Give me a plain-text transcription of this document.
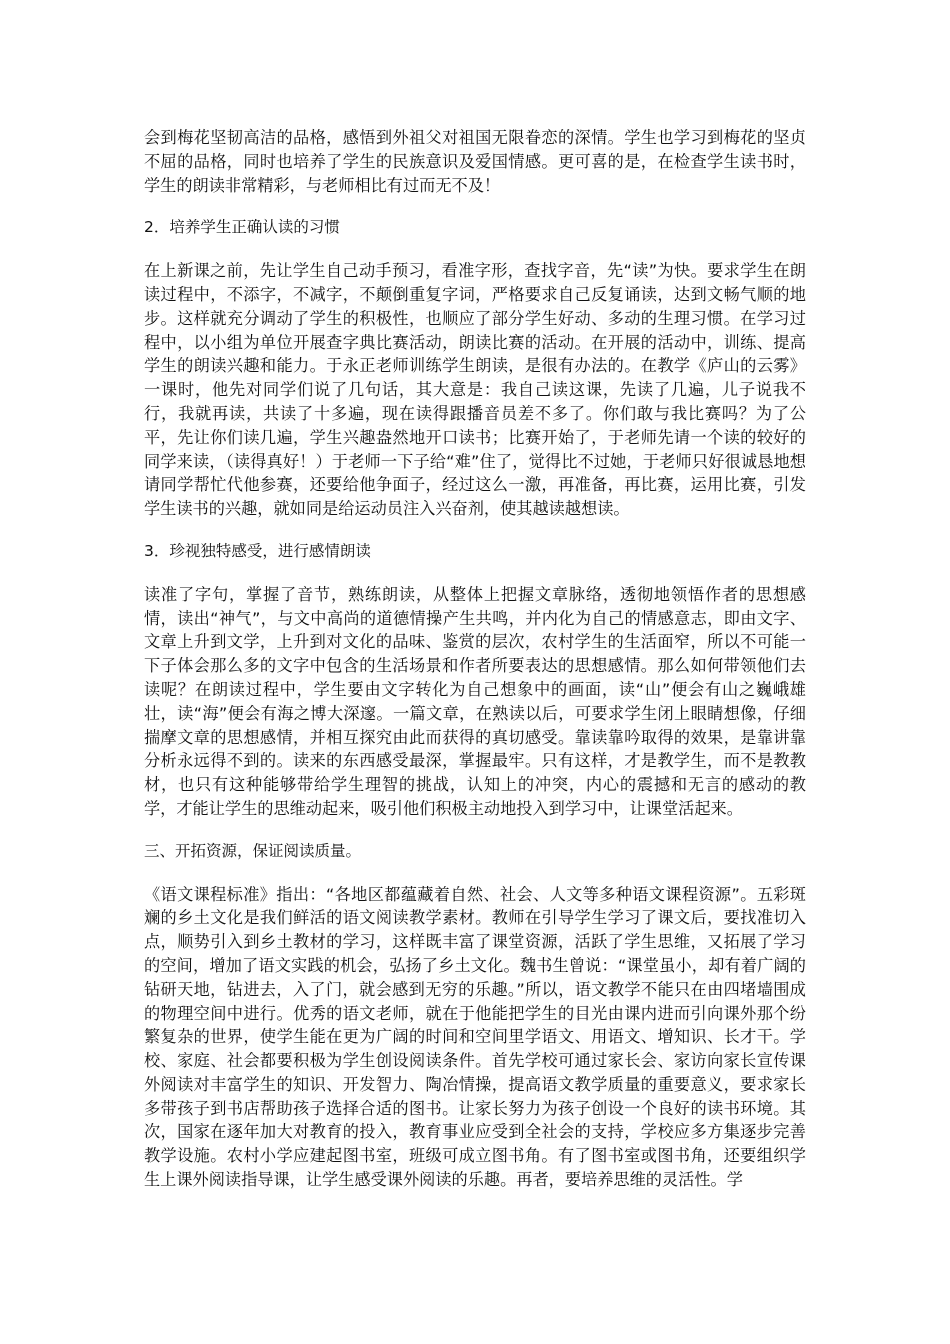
会到梅花坚韧高洁的品格，感悟到外祖父对祖国无限眷恋的深情。学生也学习到梅花的坚贞不屈的品格，同时也培养了学生的民族意识及爱国情感。更可喜的是，在检查学生读书时，学生的朗读非常精彩，与老师相比有过而无不及！

2．培养学生正确认读的习惯

在上新课之前，先让学生自己动手预习，看准字形，查找字音，先“读”为快。要求学生在朗读过程中，不添字，不减字，不颠倒重复字词，严格要求自己反复诵读，达到文畅气顺的地步。这样就充分调动了学生的积极性，也顺应了部分学生好动、多动的生理习惯。在学习过程中，以小组为单位开展查字典比赛活动，朗读比赛的活动。在开展的活动中，训练、提高学生的朗读兴趣和能力。于永正老师训练学生朗读，是很有办法的。在教学《庐山的云雾》一课时，他先对同学们说了几句话，其大意是：我自己读这课，先读了几遍，儿子说我不行，我就再读，共读了十多遍，现在读得跟播音员差不多了。你们敢与我比赛吗？为了公平，先让你们读几遍，学生兴趣盎然地开口读书；比赛开始了，于老师先请一个读的较好的同学来读，（读得真好！）于老师一下子给“难”住了，觉得比不过她，于老师只好很诚恳地想请同学帮忙代他参赛，还要给他争面子，经过这么一激，再准备，再比赛，运用比赛，引发学生读书的兴趣，就如同是给运动员注入兴奋剂，使其越读越想读。

3．珍视独特感受，进行感情朗读

读准了字句，掌握了音节，熟练朗读，从整体上把握文章脉络，透彻地领悟作者的思想感情，读出“神气”，与文中高尚的道德情操产生共鸣，并内化为自己的情感意志，即由文字、文章上升到文学，上升到对文化的品味、鉴赏的层次，农村学生的生活面窄，所以不可能一下子体会那么多的文字中包含的生活场景和作者所要表达的思想感情。那么如何带领他们去读呢？在朗读过程中，学生要由文字转化为自己想象中的画面，读“山”便会有山之巍峨雄壮，读“海”便会有海之博大深邃。一篇文章，在熟读以后，可要求学生闭上眼睛想像，仔细揣摩文章的思想感情，并相互探究由此而获得的真切感受。靠读靠吟取得的效果，是靠讲靠分析永远得不到的。读来的东西感受最深，掌握最牢。只有这样，才是教学生，而不是教教材，也只有这种能够带给学生理智的挑战，认知上的冲突，内心的震撼和无言的感动的教学，才能让学生的思维动起来，吸引他们积极主动地投入到学习中，让课堂活起来。

三、开拓资源，保证阅读质量。

《语文课程标准》指出：“各地区都蕴藏着自然、社会、人文等多种语文课程资源”。五彩斑斓的乡土文化是我们鲜活的语文阅读教学素材。教师在引导学生学习了课文后，要找准切入点，顺势引入到乡土教材的学习，这样既丰富了课堂资源，活跃了学生思维，又拓展了学习的空间，增加了语文实践的机会，弘扬了乡土文化。魏书生曾说：“课堂虽小，却有着广阔的钻研天地，钻进去，入了门，就会感到无穷的乐趣。”所以，语文教学不能只在由四堵墙围成的物理空间中进行。优秀的语文老师，就在于他能把学生的目光由课内进而引向课外那个纷繁复杂的世界，使学生能在更为广阔的时间和空间里学语文、用语文、增知识、长才干。学校、家庭、社会都要积极为学生创设阅读条件。首先学校可通过家长会、家访向家长宣传课外阅读对丰富学生的知识、开发智力、陶冶情操，提高语文教学质量的重要意义，要求家长多带孩子到书店帮助孩子选择合适的图书。让家长努力为孩子创设一个良好的读书环境。其次，国家在逐年加大对教育的投入，教育事业应受到全社会的支持，学校应多方集逐步完善教学设施。农村小学应建起图书室，班级可成立图书角。有了图书室或图书角，还要组织学生上课外阅读指导课，让学生感受课外阅读的乐趣。再者，要培养思维的灵活性。学
